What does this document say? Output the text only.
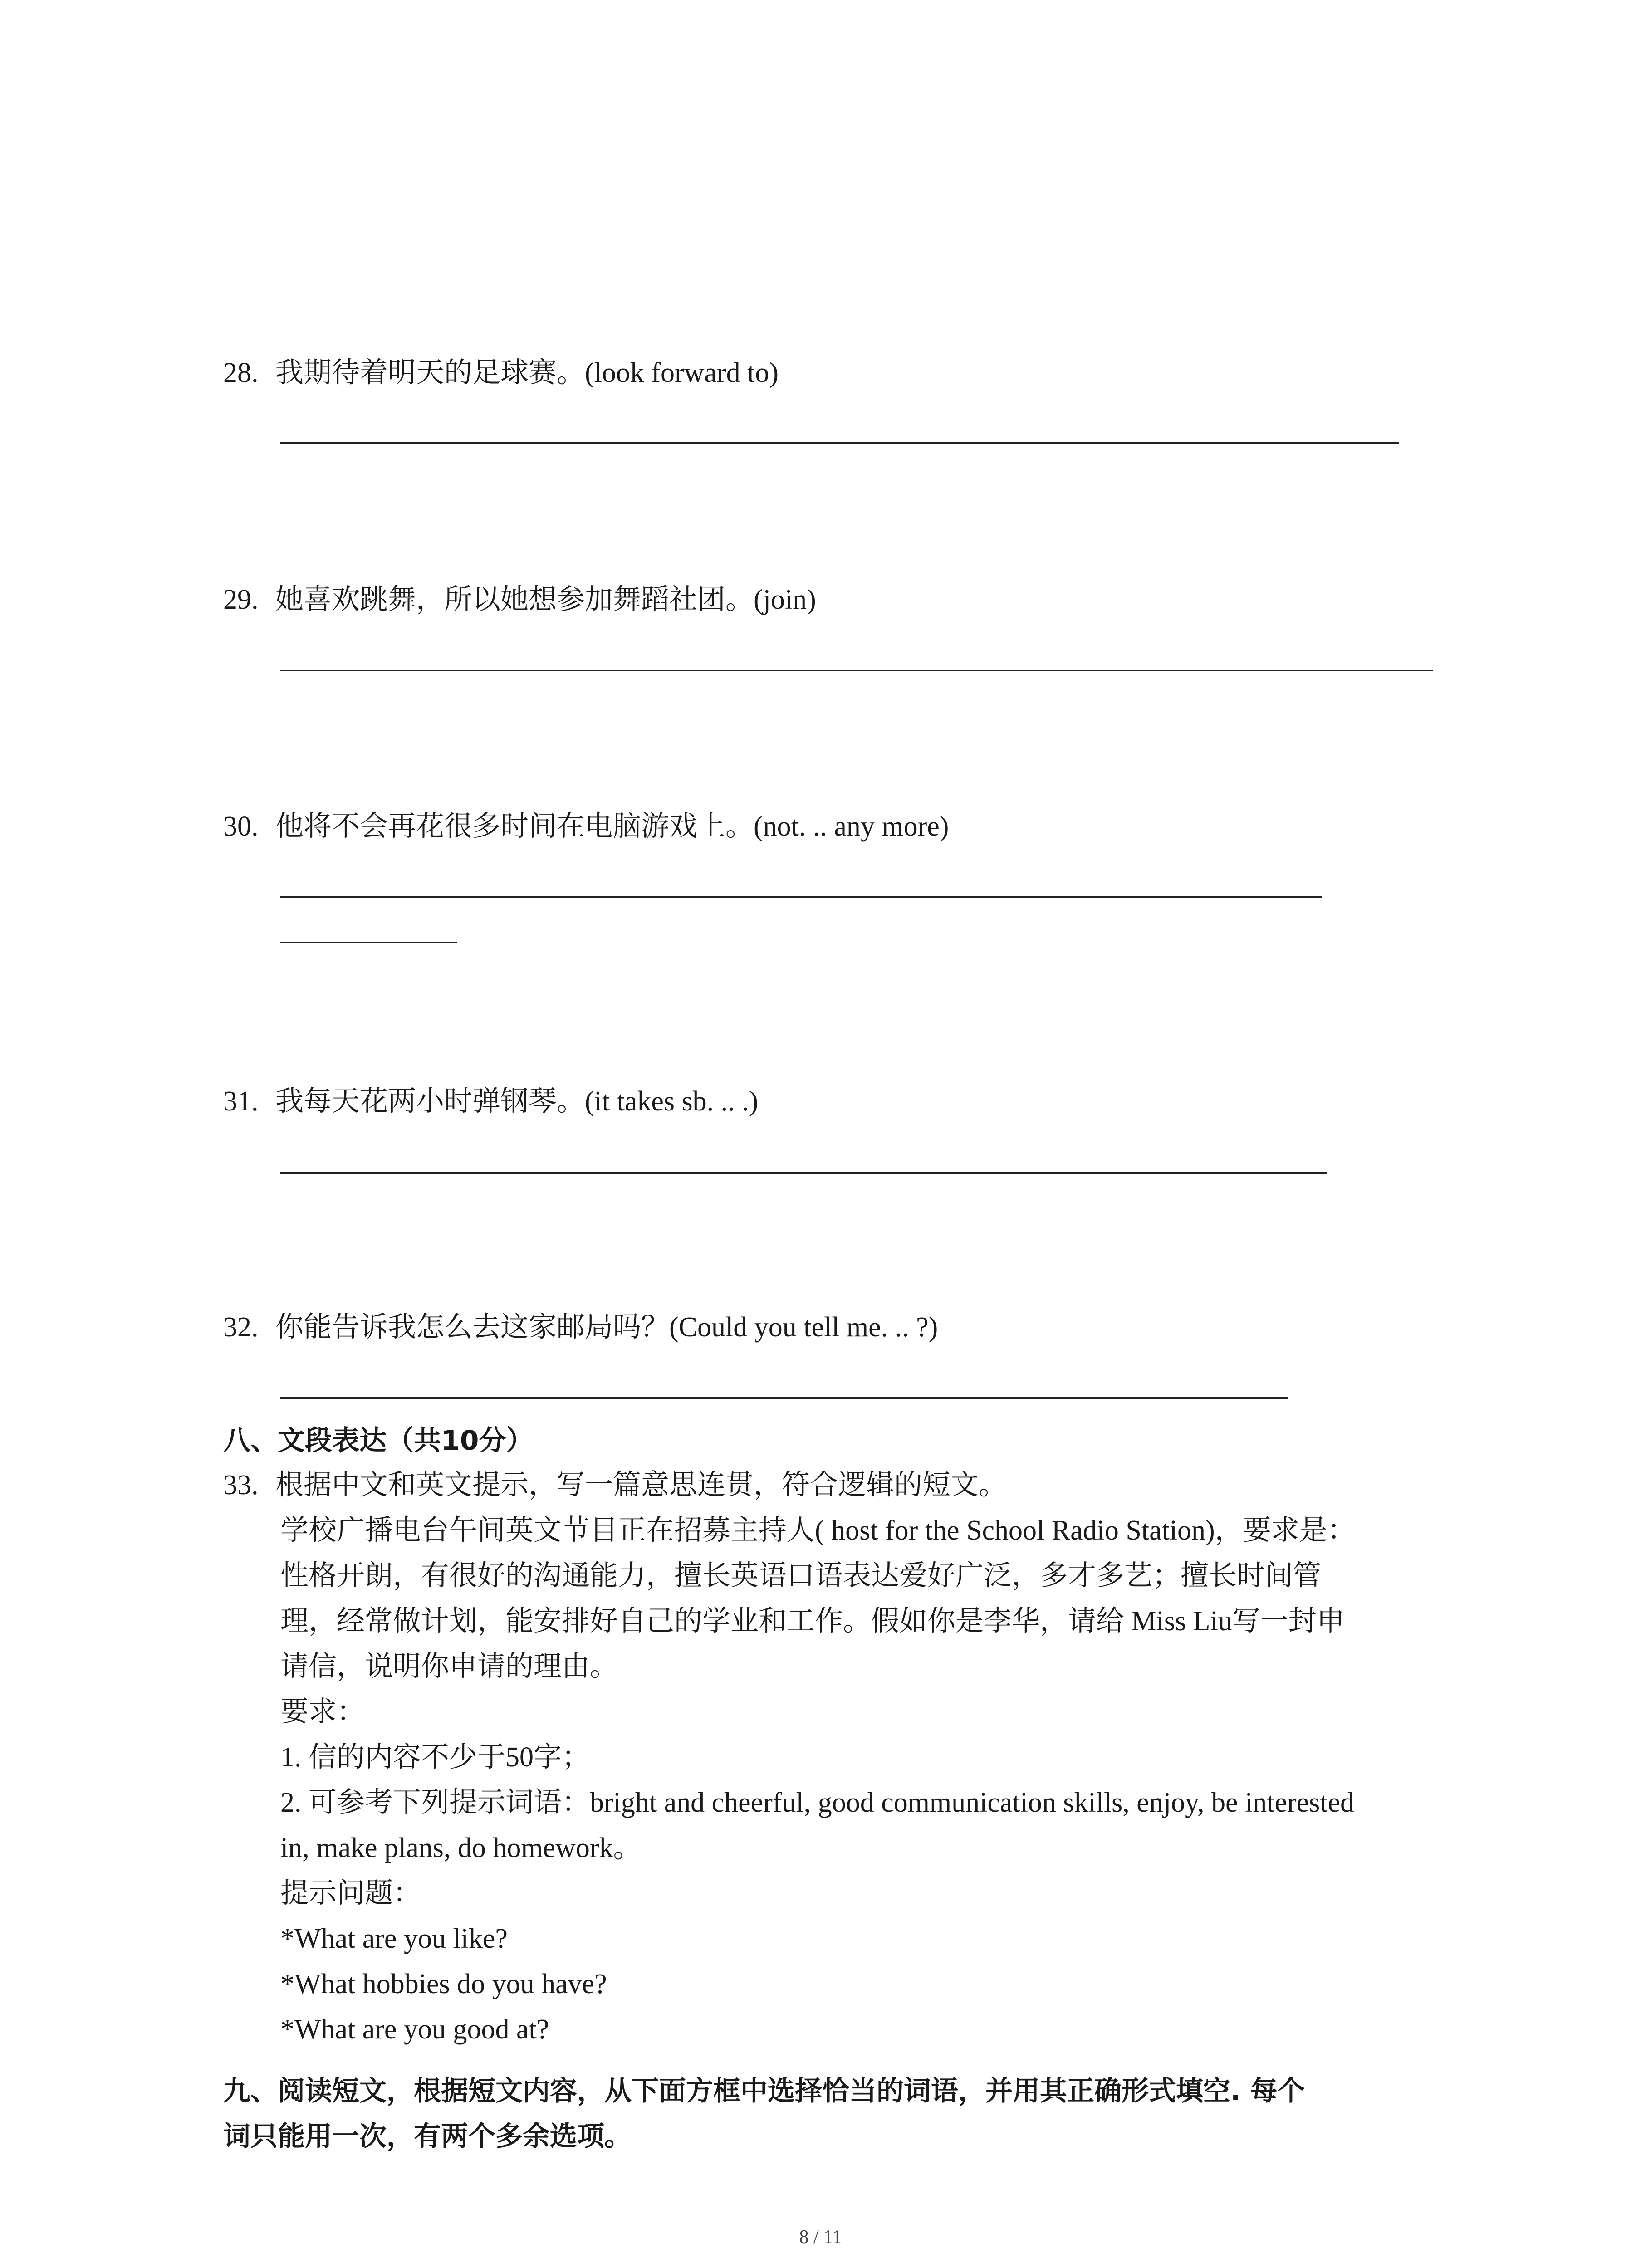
28. 我期待着明天的足球赛。(look forward to)
29. 她喜欢跳舞，所以她想参加舞蹈社团。(join)
30. 他将不会再花很多时间在电脑游戏上。(not. .. any more)
31. 我每天花两小时弹钢琴。(it takes sb. .. .)
32. 你能告诉我怎么去这家邮局吗？(Could you tell me. .. ?)
八、文段表达（共10分）
33. 根据中文和英文提示，写一篇意思连贯，符合逻辑的短文。
学校广播电台午间英文节目正在招募主持人( host for the School Radio Station)，要求是：
性格开朗，有很好的沟通能力，擅长英语口语表达爱好广泛，多才多艺；擅长时间管
理，经常做计划，能安排好自己的学业和工作。假如你是李华，请给 Miss Liu写一封申
请信，说明你申请的理由。
要求：
1. 信的内容不少于50字；
2. 可参考下列提示词语：bright and cheerful, good communication skills, enjoy, be interested
in, make plans, do homework。
提示问题：
*What are you like?
*What hobbies do you have?
*What are you good at?
九、阅读短文，根据短文内容，从下面方框中选择恰当的词语，并用其正确形式填空. 每个
词只能用一次，有两个多余选项。
8 / 11
